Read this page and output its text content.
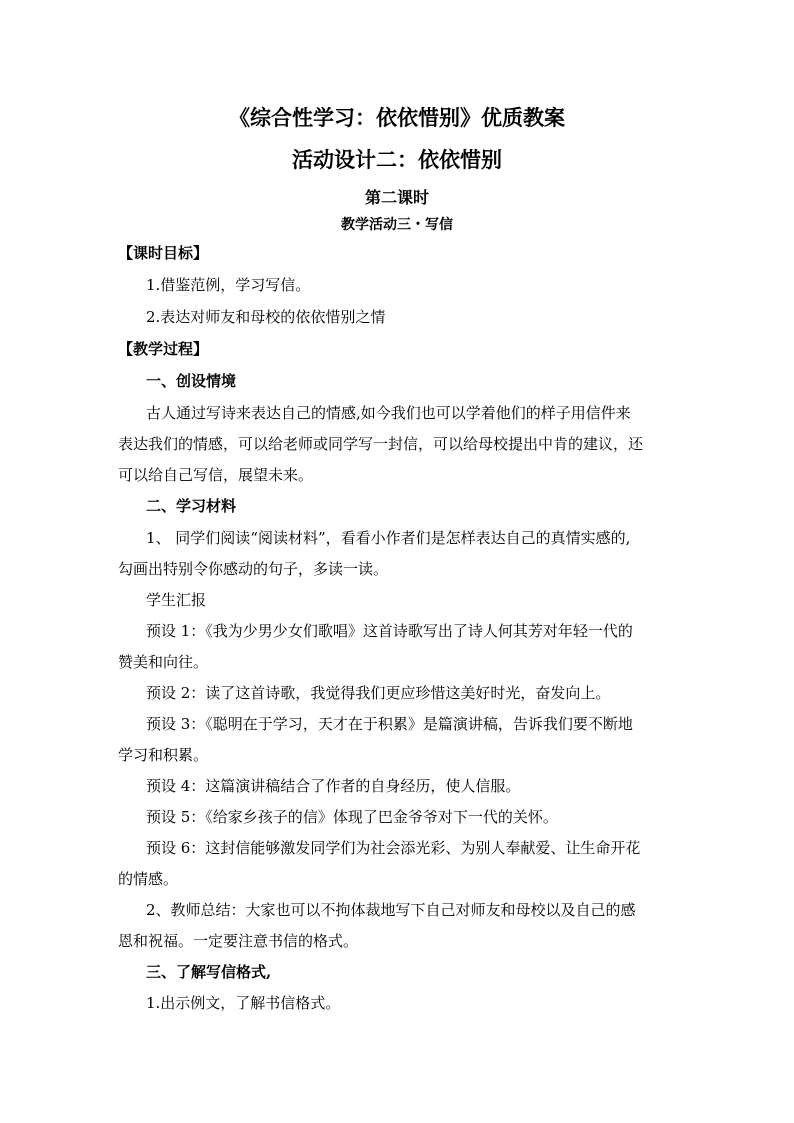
《综合性学习：依依惜别》优质教案
活动设计二：依依惜别
第二课时
教学活动三・写信
【课时目标】
1.借鉴范例，学习写信。
2.表达对师友和母校的依依惜别之情
【教学过程】
一、创设情境
古人通过写诗来表达自己的情感,如今我们也可以学着他们的样子用信件来
表达我们的情感，可以给老师或同学写一封信，可以给母校提出中肯的建议，还
可以给自己写信，展望未来。
二、学习材料
1、 同学们阅读“阅读材料”，看看小作者们是怎样表达自己的真情实感的,
勾画出特别令你感动的句子，多读一读。
学生汇报
预设 1：《我为少男少女们歌唱》这首诗歌写出了诗人何其芳对年轻一代的
赞美和向往。
预设 2：读了这首诗歌，我觉得我们更应珍惜这美好时光，奋发向上。
预设 3：《聪明在于学习，天才在于积累》是篇演讲稿，告诉我们要不断地
学习和积累。
预设 4：这篇演讲稿结合了作者的自身经历，使人信服。
预设 5：《给家乡孩子的信》体现了巴金爷爷对下一代的关怀。
预设 6：这封信能够激发同学们为社会添光彩、为别人奉献爱、让生命开花
的情感。
2、教师总结：大家也可以不拘体裁地写下自己对师友和母校以及自己的感
恩和祝福。一定要注意书信的格式。
三、了解写信格式,
1.出示例文，了解书信格式。
